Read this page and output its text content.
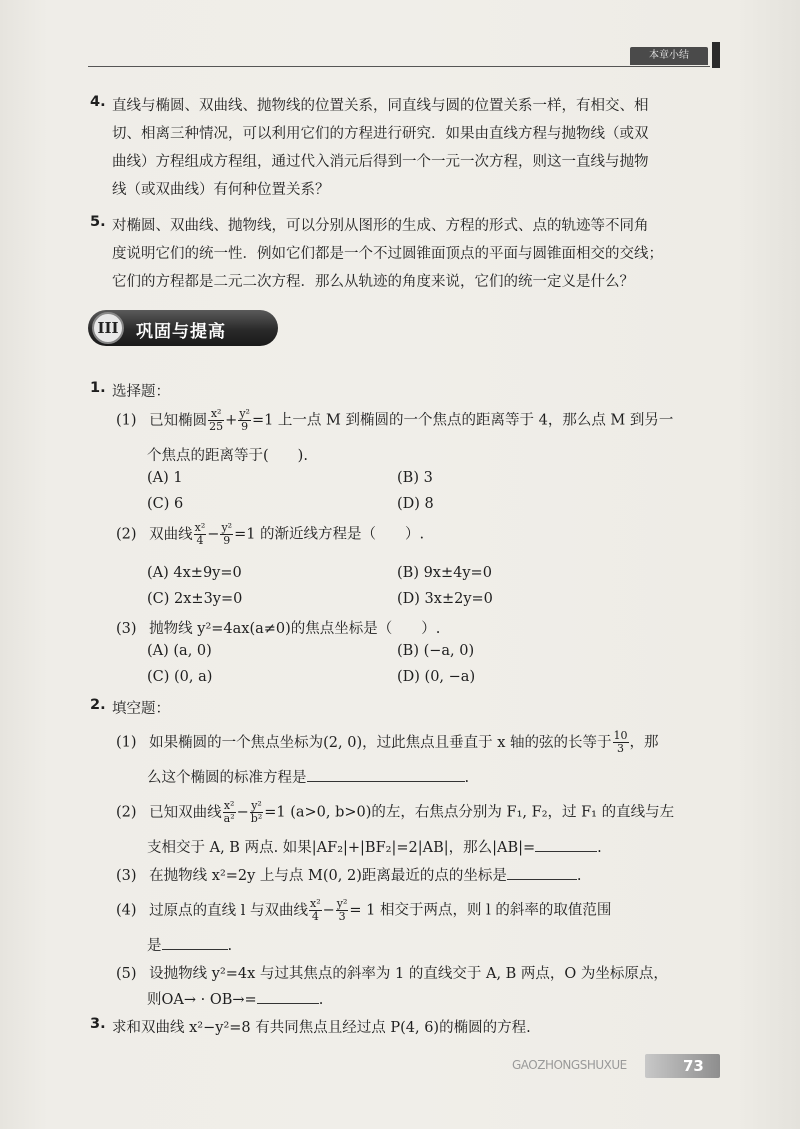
本章小结
4. 直线与椭圆、双曲线、抛物线的位置关系，同直线与圆的位置关系一样，有相交、相
切、相离三种情况，可以利用它们的方程进行研究．如果由直线方程与抛物线（或双
曲线）方程组成方程组，通过代入消元后得到一个一元一次方程，则这一直线与抛物
线（或双曲线）有何种位置关系？
5. 对椭圆、双曲线、抛物线，可以分别从图形的生成、方程的形式、点的轨迹等不同角
度说明它们的统一性．例如它们都是一个不过圆锥面顶点的平面与圆锥面相交的交线；
它们的方程都是二元二次方程．那么从轨迹的角度来说，它们的统一定义是什么？
III	巩固与提高
1. 选择题：
(1) 已知椭圆 $\frac{\text{x²}}{25} + \frac{\text{y²}}{9} =1$ 上一点 M 到椭圆的一个焦点的距离等于 4，那么点 M 到另一
个焦点的距离等于(　　).
(A) 1	(B) 3
(C) 6	(D) 8
(2) 双曲线 $\frac{\text{x²}}{4} - \frac{\text{y²}}{9} =1$ 的渐近线方程是（　　）.
(A) 4x±9y=0	(B) 9x±4y=0
(C) 2x±3y=0	(D) 3x±2y=0
(3) 抛物线 y²=4ax(a≠0)的焦点坐标是（　　）.
(A) (a, 0)	(B) (−a, 0)
(C) (0, a)	(D) (0, −a)
2. 填空题：
(1) 如果椭圆的一个焦点坐标为(2, 0)，过此焦点且垂直于 x 轴的弦的长等于 $\frac{10}{3}$ ，那
么这个椭圆的标准方程是	.
(2) 已知双曲线 $\frac{\text{x²}}{\text{a²}} - \frac{\text{y²}}{\text{b²}} =1$ (a>0, b>0)的左，右焦点分别为 F₁, F₂，过 F₁ 的直线与左
支相交于 A, B 两点. 如果|AF₂|+|BF₂|=2|AB|，那么|AB|=	.
(3) 在抛物线 x²=2y 上与点 M(0, 2)距离最近的点的坐标是	.
(4) 过原点的直线 l 与双曲线 $\frac{\text{x²}}{4} - \frac{\text{y²}}{3} = 1$ 相交于两点，则 l 的斜率的取值范围
是	.
(5) 设抛物线 y²=4x 与过其焦点的斜率为 1 的直线交于 A, B 两点，O 为坐标原点，
则OA→ · OB→=	.
3. 求和双曲线 x²−y²=8 有共同焦点且经过点 P(4, 6)的椭圆的方程.
GAOZHONGSHUXUE	73
